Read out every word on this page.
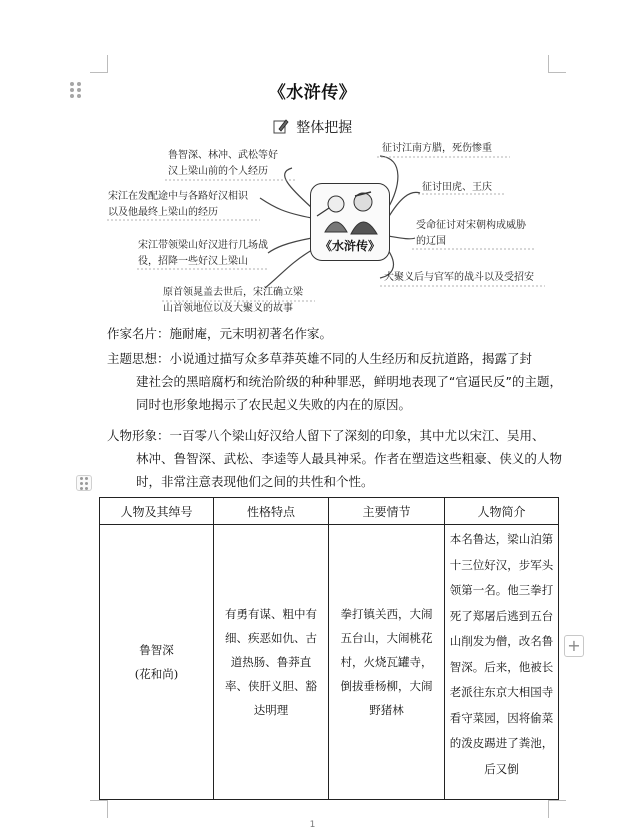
《水浒传》
整体把握
鲁智深、林冲、武松等好
汉上梁山前的个人经历
宋江在发配途中与各路好汉相识
以及他最终上梁山的经历
宋江带领梁山好汉进行几场战
役，招降一些好汉上梁山
原首领晁盖去世后，宋江确立梁
山首领地位以及大聚义的故事
征讨江南方腊，死伤惨重
征讨田虎、王庆
受命征讨对宋朝构成威胁
的辽国
大聚义后与官军的战斗以及受招安
《水浒传》
作家名片：施耐庵，元末明初著名作家。
主题思想：小说通过描写众多草莽英雄不同的人生经历和反抗道路，揭露了封
建社会的黑暗腐朽和统治阶级的种种罪恶，鲜明地表现了“官逼民反”的主题，同时也形象地揭示了农民起义失败的内在的原因。
人物形象：一百零八个梁山好汉给人留下了深刻的印象，其中尤以宋江、吴用、
林冲、鲁智深、武松、李逵等人最具神采。作者在塑造这些粗豪、侠义的人物时，非常注意表现他们之间的共性和个性。
人物及其绰号	性格特点	主要情节	人物简介

鲁智深
(花和尚)	有勇有谋、粗中有细、疾恶如仇、古道热肠、鲁莽直率、侠肝义胆、豁达明理	拳打镇关西，大闹五台山，大闹桃花村，火烧瓦罐寺，倒拔垂杨柳，大闹野猪林	本名鲁达，梁山泊第十三位好汉，步军头领第一名。他三拳打死了郑屠后逃到五台山削发为僧，改名鲁智深。后来，他被长老派往东京大相国寺看守菜园，因将偷菜的泼皮踢进了粪池，后又倒
+
1
